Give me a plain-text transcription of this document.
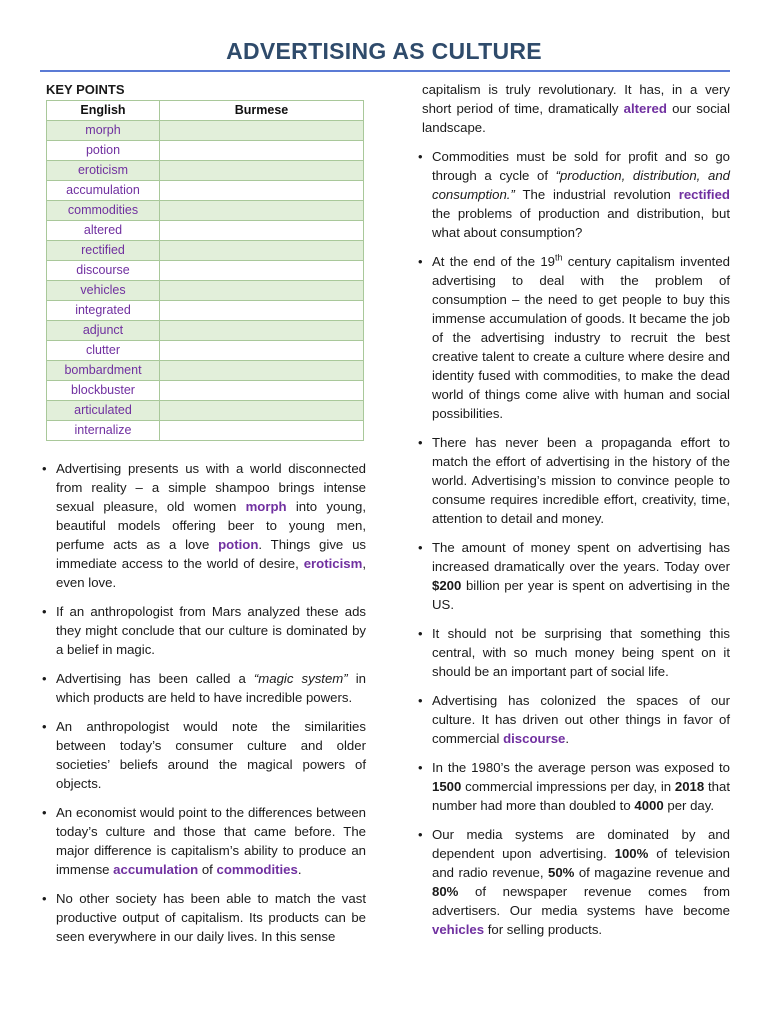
ADVERTISING AS CULTURE
KEY POINTS
English	Burmese
morph	
potion	
eroticism	
accumulation	
commodities	
altered	
rectified	
discourse	
vehicles	
integrated	
adjunct	
clutter	
bombardment	
blockbuster	
articulated	
internalize	
• Advertising presents us with a world disconnected from reality – a simple shampoo brings intense sexual pleasure, old women morph into young, beautiful models offering beer to young men, perfume acts as a love potion. Things give us immediate access to the world of desire, eroticism, even love.
• If an anthropologist from Mars analyzed these ads they might conclude that our culture is dominated by a belief in magic.
• Advertising has been called a “magic system” in which products are held to have incredible powers.
• An anthropologist would note the similarities between today’s consumer culture and older societies’ beliefs around the magical powers of objects.
• An economist would point to the differences between today’s culture and those that came before. The major difference is capitalism’s ability to produce an immense accumulation of commodities.
• No other society has been able to match the vast productive output of capitalism. Its products can be seen everywhere in our daily lives. In this sense
capitalism is truly revolutionary. It has, in a very short period of time, dramatically altered our social landscape.
• Commodities must be sold for profit and so go through a cycle of “production, distribution, and consumption.” The industrial revolution rectified the problems of production and distribution, but what about consumption?
• At the end of the 19th century capitalism invented advertising to deal with the problem of consumption – the need to get people to buy this immense accumulation of goods. It became the job of the advertising industry to recruit the best creative talent to create a culture where desire and identity fused with commodities, to make the dead world of things come alive with human and social possibilities.
• There has never been a propaganda effort to match the effort of advertising in the history of the world. Advertising’s mission to convince people to consume requires incredible effort, creativity, time, attention to detail and money.
• The amount of money spent on advertising has increased dramatically over the years. Today over $200 billion per year is spent on advertising in the US.
• It should not be surprising that something this central, with so much money being spent on it should be an important part of social life.
• Advertising has colonized the spaces of our culture. It has driven out other things in favor of commercial discourse.
• In the 1980’s the average person was exposed to 1500 commercial impressions per day, in 2018 that number had more than doubled to 4000 per day.
• Our media systems are dominated by and dependent upon advertising. 100% of television and radio revenue, 50% of magazine revenue and 80% of newspaper revenue comes from advertisers. Our media systems have become vehicles for selling products.
